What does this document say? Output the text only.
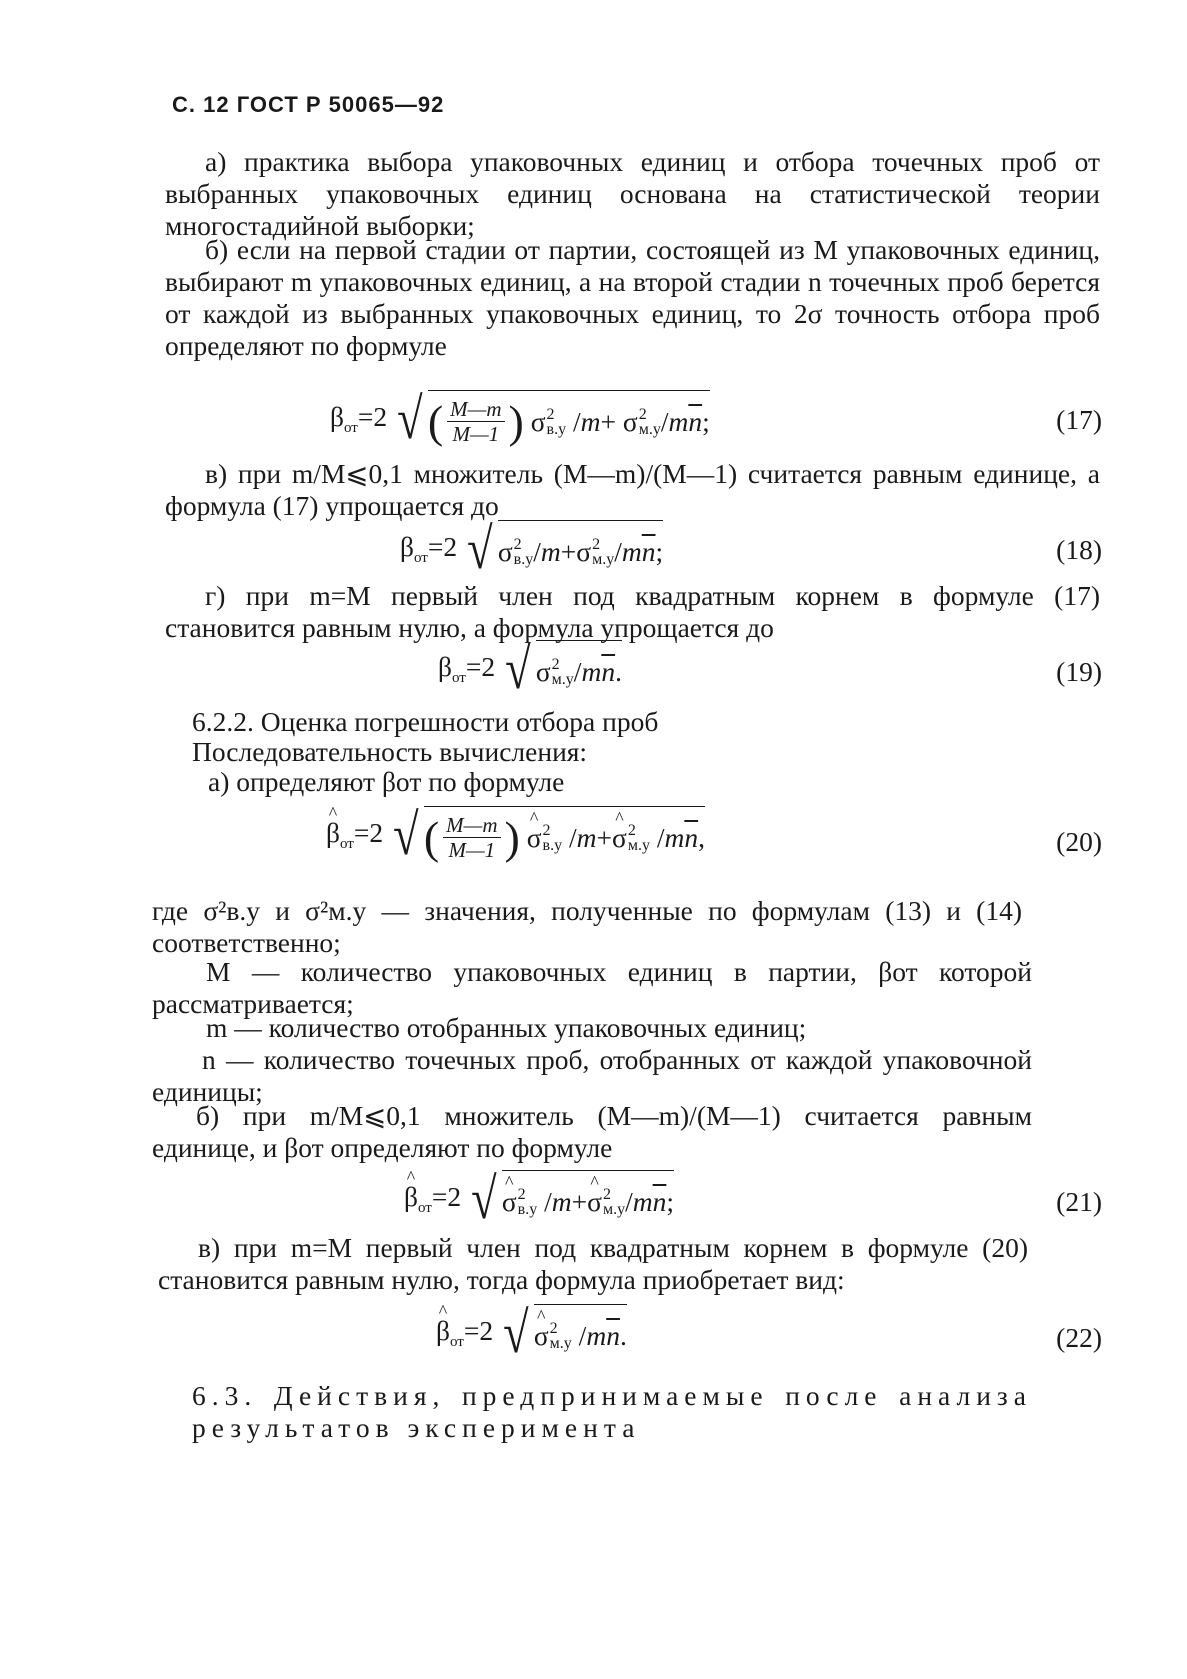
С. 12 ГОСТ Р 50065—92
а) практика выбора упаковочных единиц и отбора точечных проб от выбранных упаковочных единиц основана на статистической теории многостадийной выборки;
б) если на первой стадии от партии, состоящей из M упаковочных единиц, выбирают m упаковочных единиц, а на второй стадии n точечных проб берется от каждой из выбранных упаковочных единиц, то 2σ точность отбора проб определяют по формуле
$\beta_{от}=2$ √ ( $\frac{M—m}{M—1}$ ) σ 2
в.у / m + σ 2
$м.у / m\overline{n}$ ;	(17)
в) при m/M⩽0,1 множитель (M—m)/(M—1) считается равным единице, а формула (17) упрощается до
$\beta_{от}=2$ √ σ 2
в.у / m +σ 2
$м.у / m\overline{n}$ ;	(18)
г) при m=M первый член под квадратным корнем в формуле (17) становится равным нулю, а формула упрощается до
$\beta_{от}=2$ √ σ 2
$м.у / m\overline{n}$ .	(19)
6.2.2. Оценка погрешности отбора проб
Последовательность вычисления:
а) определяют βот по формуле
^ $\beta_{от}=2$ √ ( $\frac{M—m}{M—1}$ )
^ σ 2
в.у / m + ^ σ 2
$м.у / m\overline{n}$ ,	(20)
где σ²в.у и σ²м.у — значения, полученные по формулам (13) и (14) соответственно;
M — количество упаковочных единиц в партии, βот которой рассматривается;
m — количество отобранных упаковочных единиц;
n — количество точечных проб, отобранных от каждой упаковочной единицы;
б) при m/M⩽0,1 множитель (M—m)/(M—1) считается равным единице, и βот определяют по формуле
^ $\beta_{от}=2$ √ ^ σ 2
в.у / m + ^ σ 2
$м.у / m\overline{n}$ ;	(21)
в) при m=M первый член под квадратным корнем в формуле (20) становится равным нулю, тогда формула приобретает вид:
^ $\beta_{от}=2$ √ ^ σ 2
$м.у / m\overline{n}$ .	(22)
6.3. Действия, предпринимаемые после анализа результатов эксперимента
